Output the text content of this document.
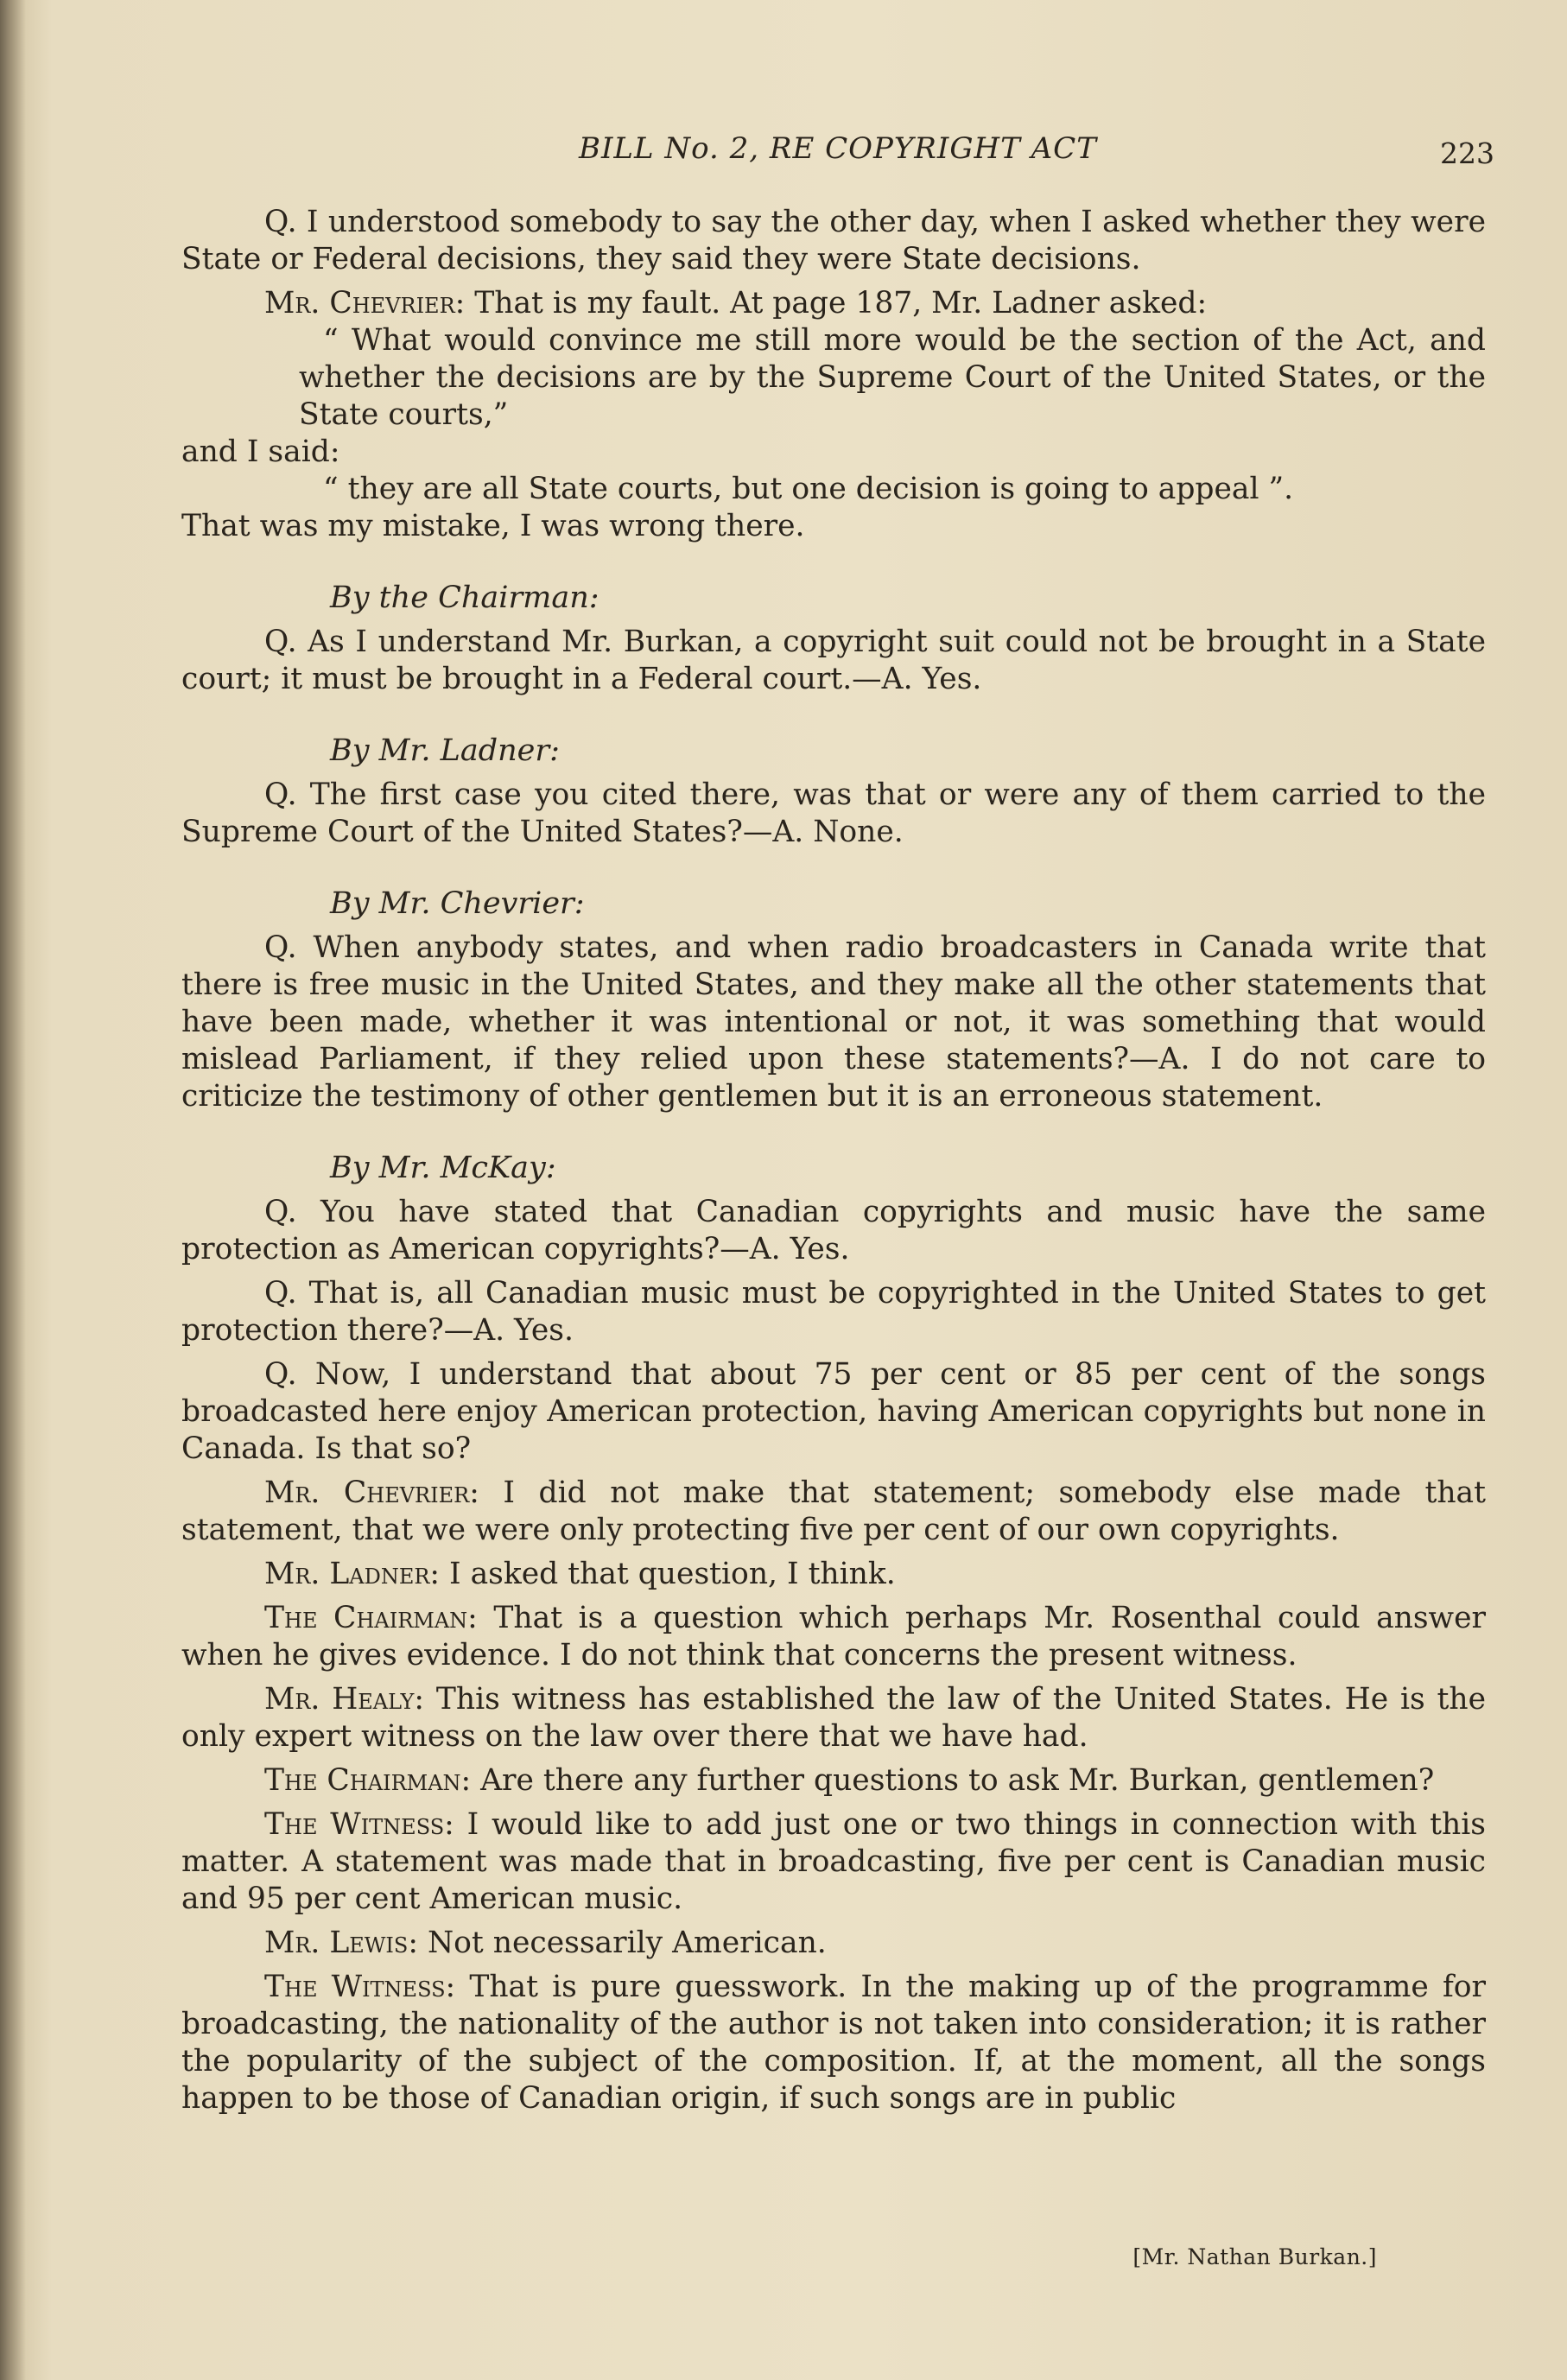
BILL No. 2, RE COPYRIGHT ACT	223

Q. I understood somebody to say the other day, when I asked whether they were State or Federal decisions, they said they were State decisions.

Mr. Chevrier: That is my fault. At page 187, Mr. Ladner asked:

“ What would convince me still more would be the section of the Act, and whether the decisions are by the Supreme Court of the United States, or the State courts,”

and I said:

“ they are all State courts, but one decision is going to appeal ”.

That was my mistake, I was wrong there.

By the Chairman:

Q. As I understand Mr. Burkan, a copyright suit could not be brought in a State court; it must be brought in a Federal court.—A. Yes.

By Mr. Ladner:

Q. The first case you cited there, was that or were any of them carried to the Supreme Court of the United States?—A. None.

By Mr. Chevrier:

Q. When anybody states, and when radio broadcasters in Canada write that there is free music in the United States, and they make all the other statements that have been made, whether it was intentional or not, it was something that would mislead Parliament, if they relied upon these statements?—A. I do not care to criticize the testimony of other gentlemen but it is an erroneous statement.

By Mr. McKay:

Q. You have stated that Canadian copyrights and music have the same protection as American copyrights?—A. Yes.

Q. That is, all Canadian music must be copyrighted in the United States to get protection there?—A. Yes.

Q. Now, I understand that about 75 per cent or 85 per cent of the songs broadcasted here enjoy American protection, having American copyrights but none in Canada. Is that so?

Mr. Chevrier: I did not make that statement; somebody else made that statement, that we were only protecting five per cent of our own copyrights.

Mr. Ladner: I asked that question, I think.

The Chairman: That is a question which perhaps Mr. Rosenthal could answer when he gives evidence. I do not think that concerns the present witness.

Mr. Healy: This witness has established the law of the United States. He is the only expert witness on the law over there that we have had.

The Chairman: Are there any further questions to ask Mr. Burkan, gentlemen?

The Witness: I would like to add just one or two things in connection with this matter. A statement was made that in broadcasting, five per cent is Canadian music and 95 per cent American music.

Mr. Lewis: Not necessarily American.

The Witness: That is pure guesswork. In the making up of the programme for broadcasting, the nationality of the author is not taken into consideration; it is rather the popularity of the subject of the composition. If, at the moment, all the songs happen to be those of Canadian origin, if such songs are in public

[Mr. Nathan Burkan.]
